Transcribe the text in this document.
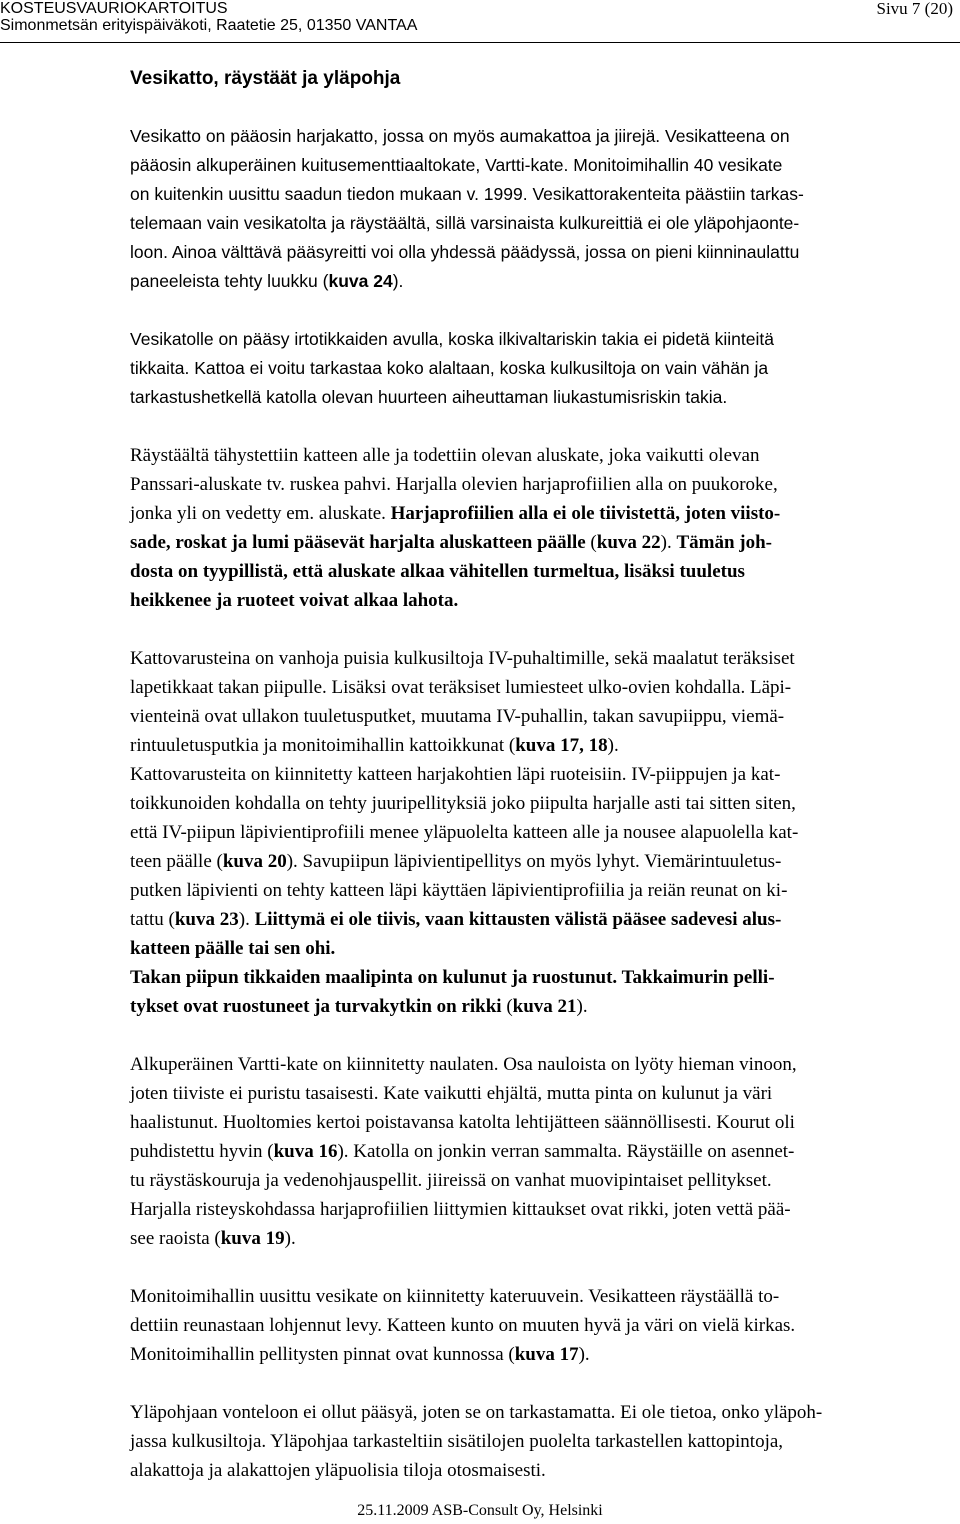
KOSTEUSVAURIOKARTOITUS
Simonmetsän erityispäiväkoti, Raatetie 25, 01350 VANTAA
Sivu 7 (20)
Vesikatto, räystäät ja yläpohja
Vesikatto on pääosin harjakatto, jossa on myös aumakattoa ja jiirejä. Vesikatteena on
pääosin alkuperäinen kuitusementtiaaltokate, Vartti-kate. Monitoimihallin 40 vesikate
on kuitenkin uusittu saadun tiedon mukaan v. 1999. Vesikattorakenteita päästiin tarkas-
telemaan vain vesikatolta ja räystäältä, sillä varsinaista kulkureittiä ei ole yläpohjaonte-
loon. Ainoa välttävä pääsyreitti voi olla yhdessä päädyssä, jossa on pieni kiinninaulattu
paneeleista tehty luukku (kuva 24).
Vesikatolle on pääsy irtotikkaiden avulla, koska ilkivaltariskin takia ei pidetä kiinteitä
tikkaita. Kattoa ei voitu tarkastaa koko alaltaan, koska kulkusiltoja on vain vähän ja
tarkastushetkellä katolla olevan huurteen aiheuttaman liukastumisriskin takia.
Räystäältä tähystettiin katteen alle ja todettiin olevan aluskate, joka vaikutti olevan
Panssari-aluskate tv. ruskea pahvi. Harjalla olevien harjaprofiilien alla on puukoroke,
jonka yli on vedetty em. aluskate. Harjaprofiilien alla ei ole tiivistettä, joten viisto-
sade, roskat ja lumi pääsevät harjalta aluskatteen päälle (kuva 22). Tämän joh-
dosta on tyypillistä, että aluskate alkaa vähitellen turmeltua, lisäksi tuuletus
heikkenee ja ruoteet voivat alkaa lahota.
Kattovarusteina on vanhoja puisia kulkusiltoja IV-puhaltimille, sekä maalatut teräksiset
lapetikkaat takan piipulle. Lisäksi ovat teräksiset lumiesteet ulko-ovien kohdalla. Läpi-
vienteinä ovat ullakon tuuletusputket, muutama IV-puhallin, takan savupiippu, viemä-
rintuuletusputkia ja monitoimihallin kattoikkunat (kuva 17, 18).
Kattovarusteita on kiinnitetty katteen harjakohtien läpi ruoteisiin. IV-piippujen ja kat-
toikkunoiden kohdalla on tehty juuripellityksiä joko piipulta harjalle asti tai sitten siten,
että IV-piipun läpivientiprofiili menee yläpuolelta katteen alle ja nousee alapuolella kat-
teen päälle (kuva 20). Savupiipun läpivientipellitys on myös lyhyt. Viemärintuuletus-
putken läpivienti on tehty katteen läpi käyttäen läpivientiprofiilia ja reiän reunat on ki-
tattu (kuva 23). Liittymä ei ole tiivis, vaan kittausten välistä pääsee sadevesi alus-
katteen päälle tai sen ohi.
Takan piipun tikkaiden maalipinta on kulunut ja ruostunut. Takkaimurin pelli-
tykset ovat ruostuneet ja turvakytkin on rikki (kuva 21).
Alkuperäinen Vartti-kate on kiinnitetty naulaten. Osa nauloista on lyöty hieman vinoon,
joten tiiviste ei puristu tasaisesti. Kate vaikutti ehjältä, mutta pinta on kulunut ja väri
haalistunut. Huoltomies kertoi poistavansa katolta lehtijätteen säännöllisesti. Kourut oli
puhdistettu hyvin (kuva 16). Katolla on jonkin verran sammalta. Räystäille on asennet-
tu räystäskouruja ja vedenohjauspellit. jiireissä on vanhat muovipintaiset pellitykset.
Harjalla risteyskohdassa harjaprofiilien liittymien kittaukset ovat rikki, joten vettä pää-
see raoista (kuva 19).
Monitoimihallin uusittu vesikate on kiinnitetty kateruuvein. Vesikatteen räystäällä to-
dettiin reunastaan lohjennut levy. Katteen kunto on muuten hyvä ja väri on vielä kirkas.
Monitoimihallin pellitysten pinnat ovat kunnossa (kuva 17).
Yläpohjaan vonteloon ei ollut pääsyä, joten se on tarkastamatta. Ei ole tietoa, onko yläpoh-
jassa kulkusiltoja. Yläpohjaa tarkasteltiin sisätilojen puolelta tarkastellen kattopintoja,
alakattoja ja alakattojen yläpuolisia tiloja otosmaisesti.
25.11.2009 ASB-Consult Oy, Helsinki
